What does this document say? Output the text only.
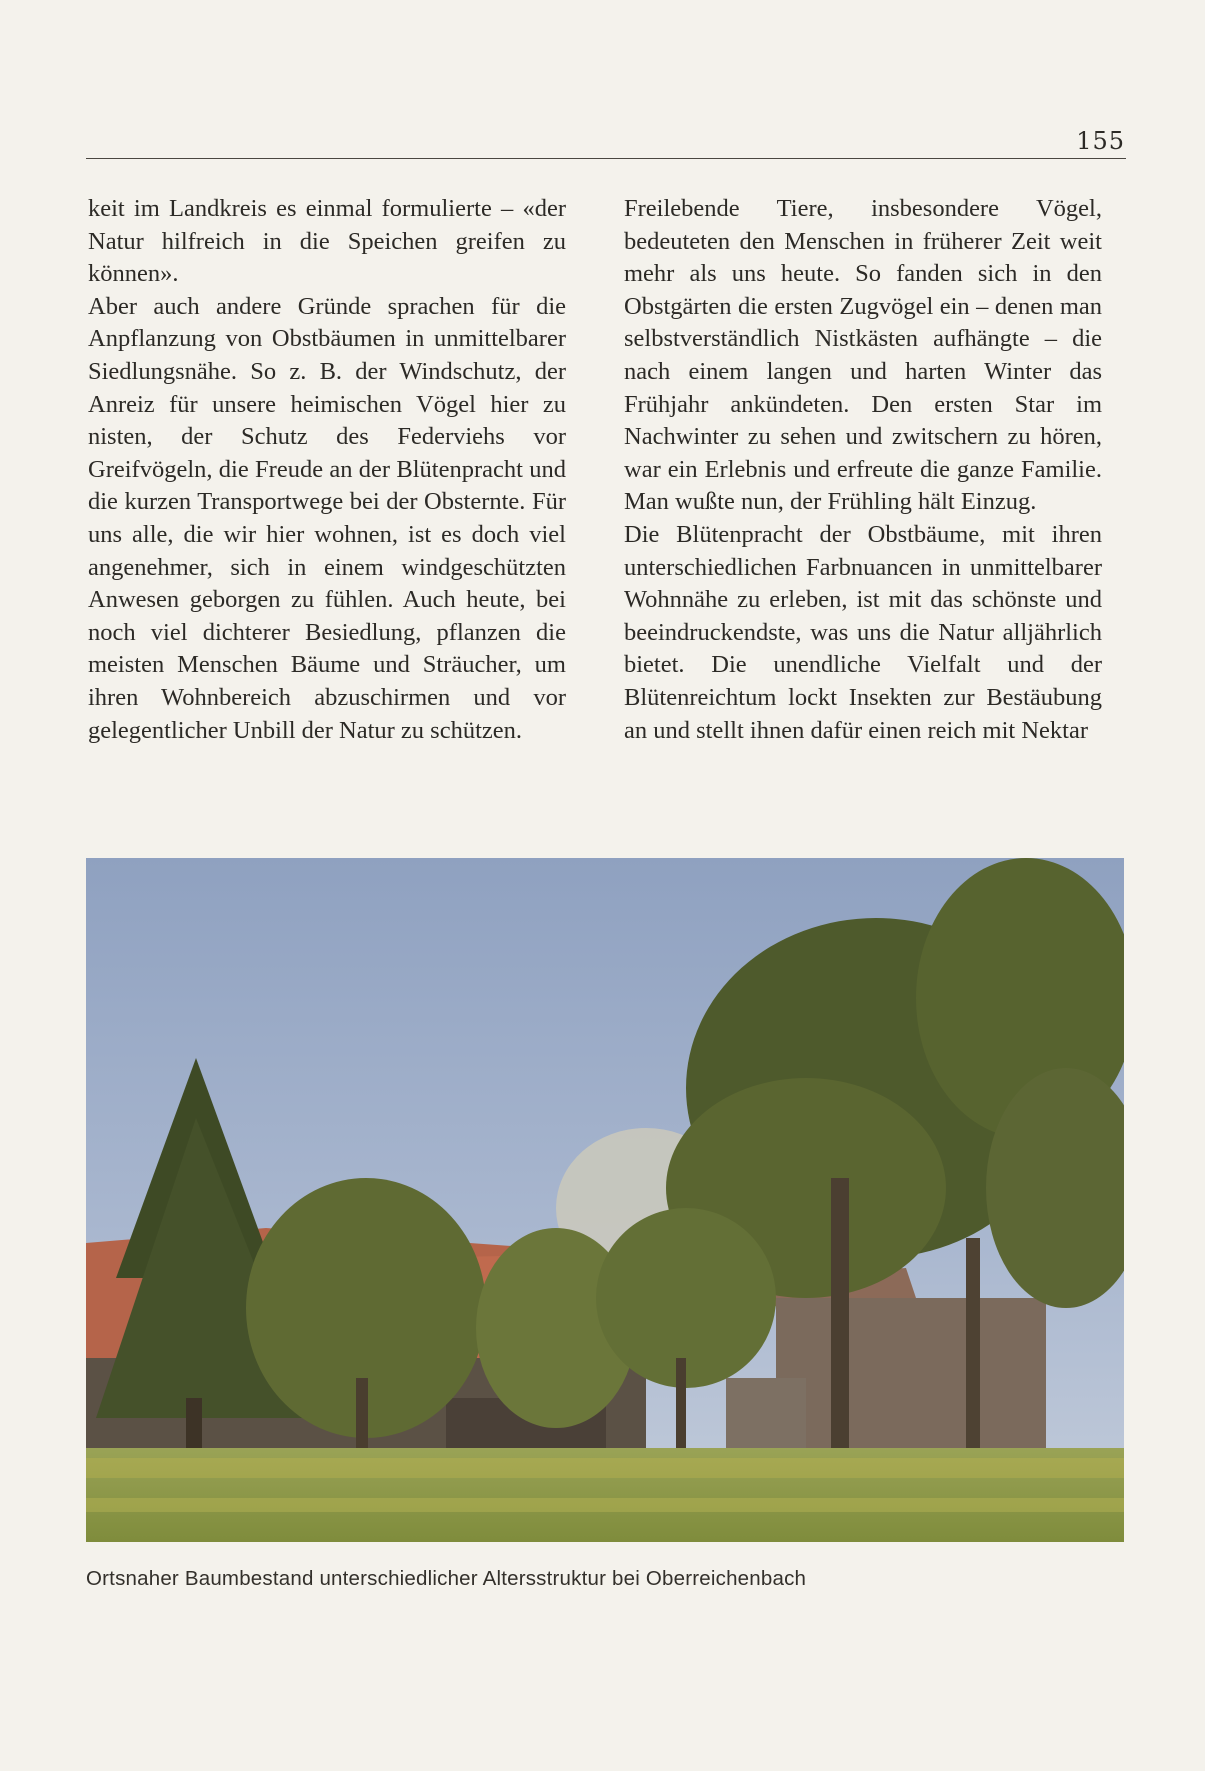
155

keit im Landkreis es einmal formulierte – «der Natur hilfreich in die Speichen greifen zu können».

Aber auch andere Gründe sprachen für die Anpflanzung von Obstbäumen in unmittelbarer Siedlungsnähe. So z. B. der Windschutz, der Anreiz für unsere heimischen Vögel hier zu nisten, der Schutz des Federviehs vor Greifvögeln, die Freude an der Blütenpracht und die kurzen Transportwege bei der Obsternte. Für uns alle, die wir hier wohnen, ist es doch viel angenehmer, sich in einem windgeschützten Anwesen geborgen zu fühlen. Auch heute, bei noch viel dichterer Besiedlung, pflanzen die meisten Menschen Bäume und Sträucher, um ihren Wohnbereich abzuschirmen und vor gelegentlicher Unbill der Natur zu schützen.

Freilebende Tiere, insbesondere Vögel, bedeuteten den Menschen in früherer Zeit weit mehr als uns heute. So fanden sich in den Obstgärten die ersten Zugvögel ein – denen man selbstverständlich Nistkästen aufhängte – die nach einem langen und harten Winter das Frühjahr ankündeten. Den ersten Star im Nachwinter zu sehen und zwitschern zu hören, war ein Erlebnis und erfreute die ganze Familie. Man wußte nun, der Frühling hält Einzug.

Die Blütenpracht der Obstbäume, mit ihren unterschiedlichen Farbnuancen in unmittelbarer Wohnnähe zu erleben, ist mit das schönste und beeindruckendste, was uns die Natur alljährlich bietet. Die unendliche Vielfalt und der Blütenreichtum lockt Insekten zur Bestäubung an und stellt ihnen dafür einen reich mit Nektar

Ortsnaher Baumbestand unterschiedlicher Altersstruktur bei Oberreichenbach
